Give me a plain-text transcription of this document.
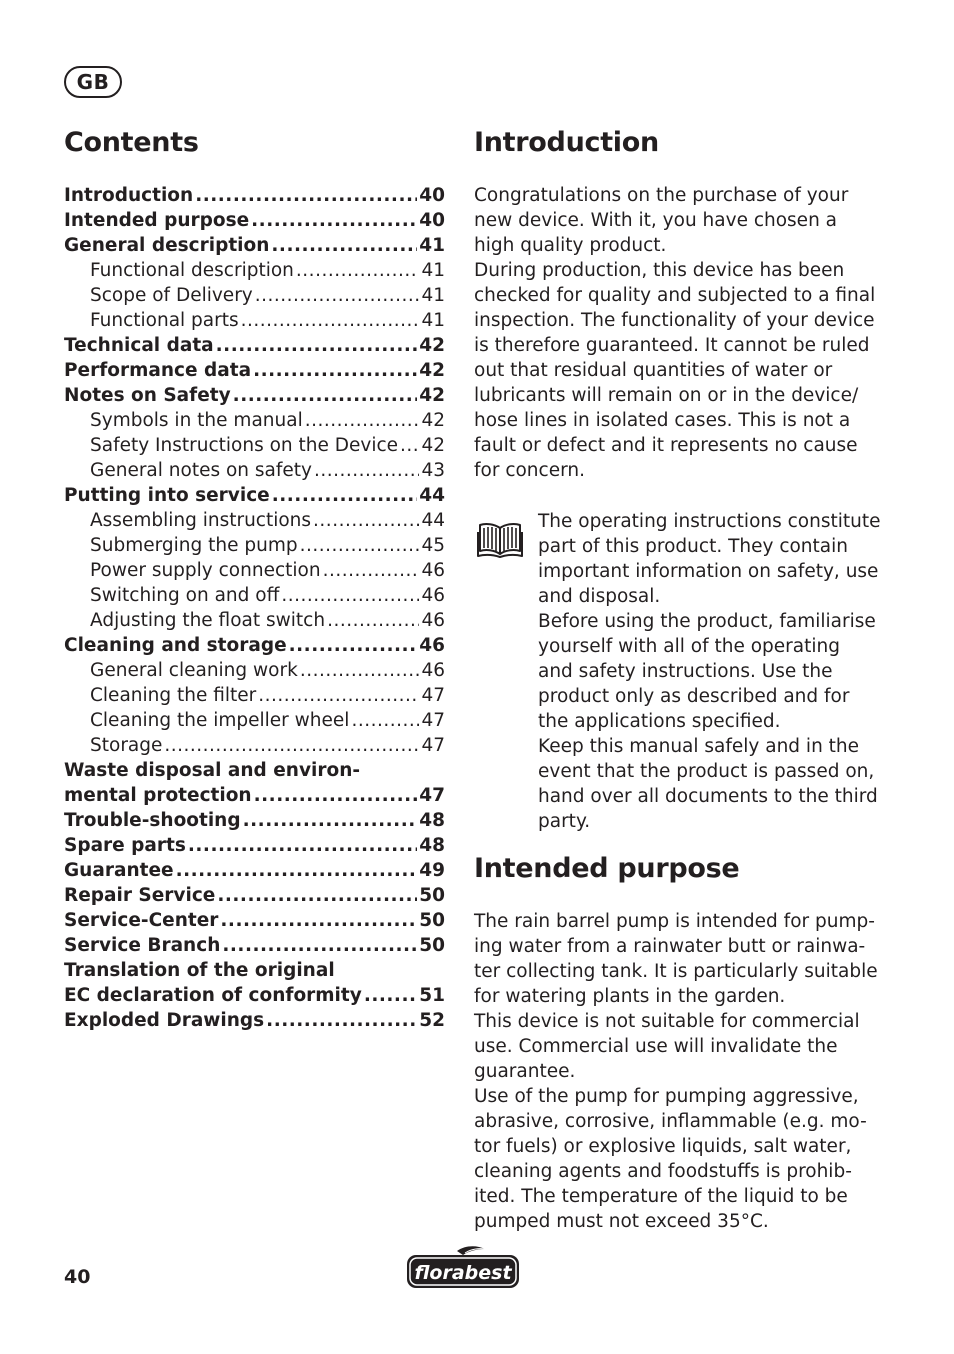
GB
Contents
Introduction .....	40
Intended purpose .....	40
General description .....	41
Functional description .....	41
Scope of Delivery .....	41
Functional parts .....	41
Technical data .....	42
Performance data .....	42
Notes on Safety .....	42
Symbols in the manual .....	42
Safety Instructions on the Device ..... 42
General notes on safety .....	43
Putting into service .....	44
Assembling instructions .....	44
Submerging the pump .....	45
Power supply connection .....	46
Switching on and off .....	46
Adjusting the float switch .....	46
Cleaning and storage .....	46
General cleaning work .....	46
Cleaning the filter .....	47
Cleaning the impeller wheel .....	47
Storage .....	47
Waste disposal and environ-
mental protection .....	47
Trouble-shooting .....	48
Spare parts .....	48
Guarantee .....	49
Repair Service .....	50
Service-Center .....	50
Service Branch .....	50
Translation of the original
EC declaration of conformity .....	51
Exploded Drawings .....	52
Introduction
Congratulations on the purchase of your
new device. With it, you have chosen a
high quality product.
During production, this device has been
checked for quality and subjected to a final
inspection. The functionality of your device
is therefore guaranteed. It cannot be ruled
out that residual quantities of water or
lubricants will remain on or in the device/
hose lines in isolated cases. This is not a
fault or defect and it represents no cause
for concern.
The operating instructions constitute
part of this product. They contain
important information on safety, use
and disposal.
Before using the product, familiarise
yourself with all of the operating
and safety instructions. Use the
product only as described and for
the applications specified.
Keep this manual safely and in the
event that the product is passed on,
hand over all documents to the third
party.
Intended purpose
The rain barrel pump is intended for pump-
ing water from a rainwater butt or rainwa-
ter collecting tank. It is particularly suitable
for watering plants in the garden.
This device is not suitable for commercial
use. Commercial use will invalidate the
guarantee.
Use of the pump for pumping aggressive,
abrasive, corrosive, inflammable (e.g. mo-
tor fuels) or explosive liquids, salt water,
cleaning agents and foodstuffs is prohib-
ited. The temperature of the liquid to be
pumped must not exceed 35°C.
40	florabest
